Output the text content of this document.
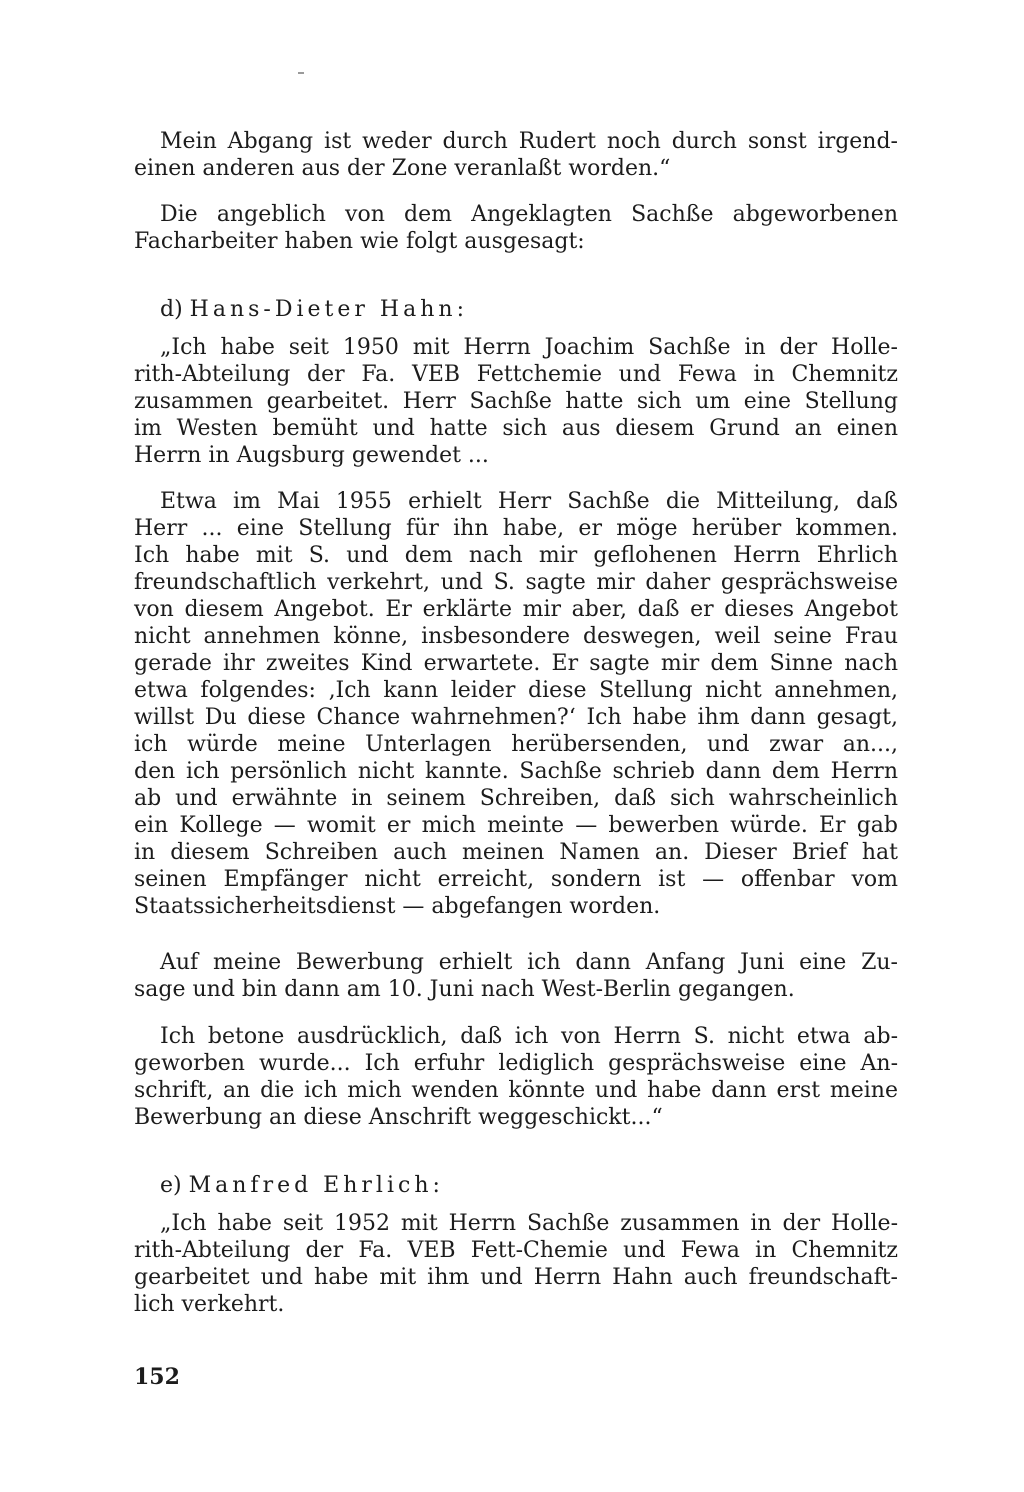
Mein Abgang ist weder durch Rudert noch durch sonst irgend-
einen anderen aus der Zone veranlaßt worden.“

Die angeblich von dem Angeklagten Sachße abgeworbenen
Facharbeiter haben wie folgt ausgesagt:

d) Hans-Dieter Hahn:

„Ich habe seit 1950 mit Herrn Joachim Sachße in der Holle-
rith-Abteilung der Fa. VEB Fettchemie und Fewa in Chemnitz
zusammen gearbeitet. Herr Sachße hatte sich um eine Stellung
im Westen bemüht und hatte sich aus diesem Grund an einen
Herrn in Augsburg gewendet ...

Etwa im Mai 1955 erhielt Herr Sachße die Mitteilung, daß
Herr ... eine Stellung für ihn habe, er möge herüber kommen.
Ich habe mit S. und dem nach mir geflohenen Herrn Ehrlich
freundschaftlich verkehrt, und S. sagte mir daher gesprächsweise
von diesem Angebot. Er erklärte mir aber, daß er dieses Angebot
nicht annehmen könne, insbesondere deswegen, weil seine Frau
gerade ihr zweites Kind erwartete. Er sagte mir dem Sinne nach
etwa folgendes: ‚Ich kann leider diese Stellung nicht annehmen,
willst Du diese Chance wahrnehmen?‘ Ich habe ihm dann gesagt,
ich würde meine Unterlagen herübersenden, und zwar an...,
den ich persönlich nicht kannte. Sachße schrieb dann dem Herrn
ab und erwähnte in seinem Schreiben, daß sich wahrscheinlich
ein Kollege — womit er mich meinte — bewerben würde. Er gab
in diesem Schreiben auch meinen Namen an. Dieser Brief hat
seinen Empfänger nicht erreicht, sondern ist — offenbar vom
Staatssicherheitsdienst — abgefangen worden.

Auf meine Bewerbung erhielt ich dann Anfang Juni eine Zu-
sage und bin dann am 10. Juni nach West-Berlin gegangen.

Ich betone ausdrücklich, daß ich von Herrn S. nicht etwa ab-
geworben wurde... Ich erfuhr lediglich gesprächsweise eine An-
schrift, an die ich mich wenden könnte und habe dann erst meine
Bewerbung an diese Anschrift weggeschickt...“

e) Manfred Ehrlich:

„Ich habe seit 1952 mit Herrn Sachße zusammen in der Holle-
rith-Abteilung der Fa. VEB Fett-Chemie und Fewa in Chemnitz
gearbeitet und habe mit ihm und Herrn Hahn auch freundschaft-
lich verkehrt.

152
